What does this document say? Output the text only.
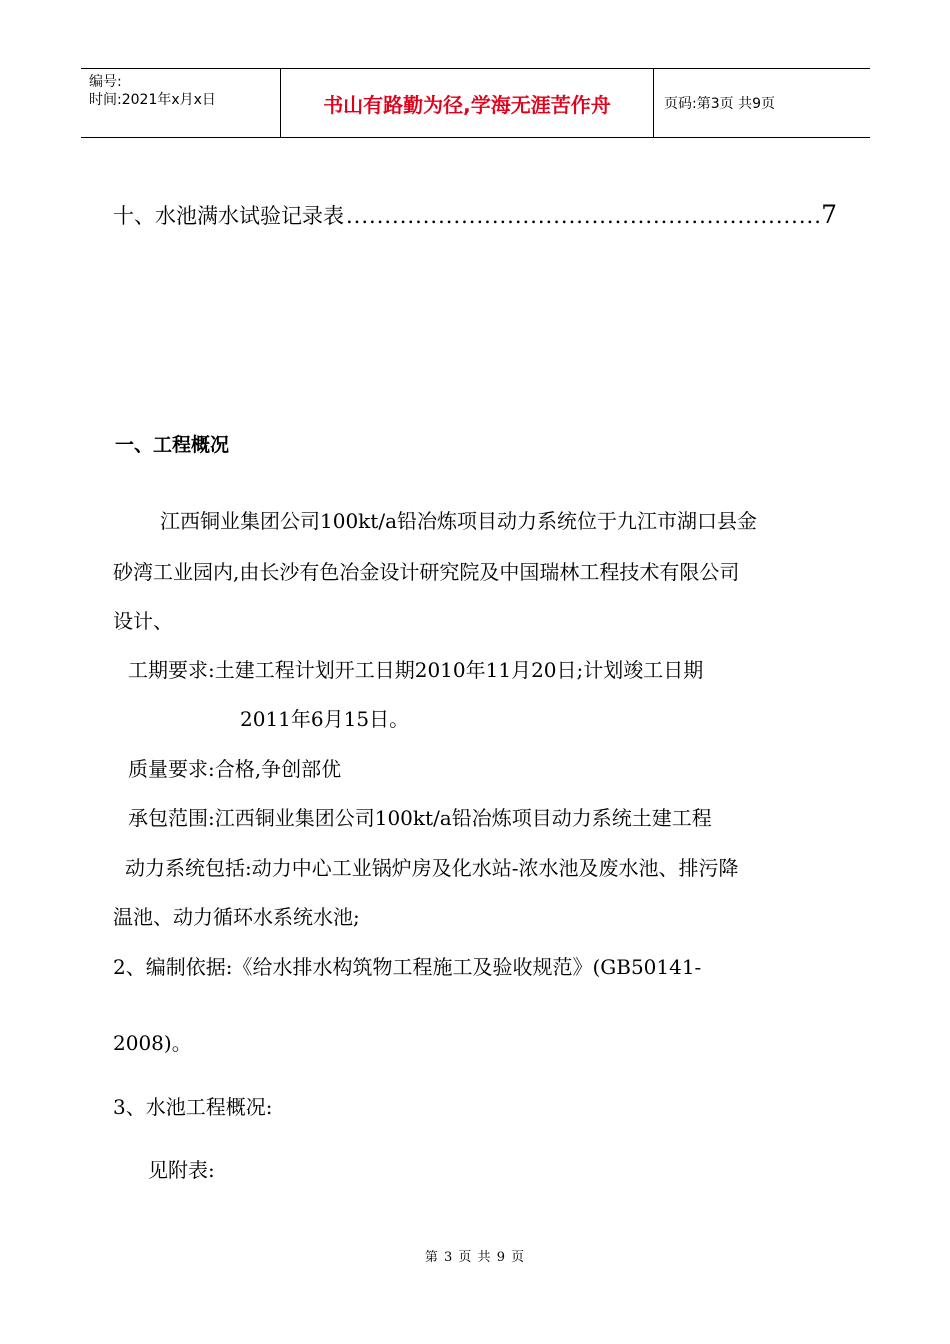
编号:
时间:2021年x月x日	书山有路勤为径,学海无涯苦作舟	页码:第3页 共9页
十、水池满水试验记录表
.....	7
一、工程概况
江西铜业集团公司100kt/a铅冶炼项目动力系统位于九江市湖口县金
砂湾工业园内,由长沙有色冶金设计研究院及中国瑞林工程技术有限公司
设计、
工期要求:土建工程计划开工日期2010年11月20日;计划竣工日期
2011年6月15日。
质量要求:合格,争创部优
承包范围:江西铜业集团公司100kt/a铅冶炼项目动力系统土建工程
动力系统包括:动力中心工业锅炉房及化水站-浓水池及废水池、排污降
温池、动力循环水系统水池;
2、编制依据:《给水排水构筑物工程施工及验收规范》(GB50141-
2008)。
3、水池工程概况:
见附表:
第 3 页 共 9 页
